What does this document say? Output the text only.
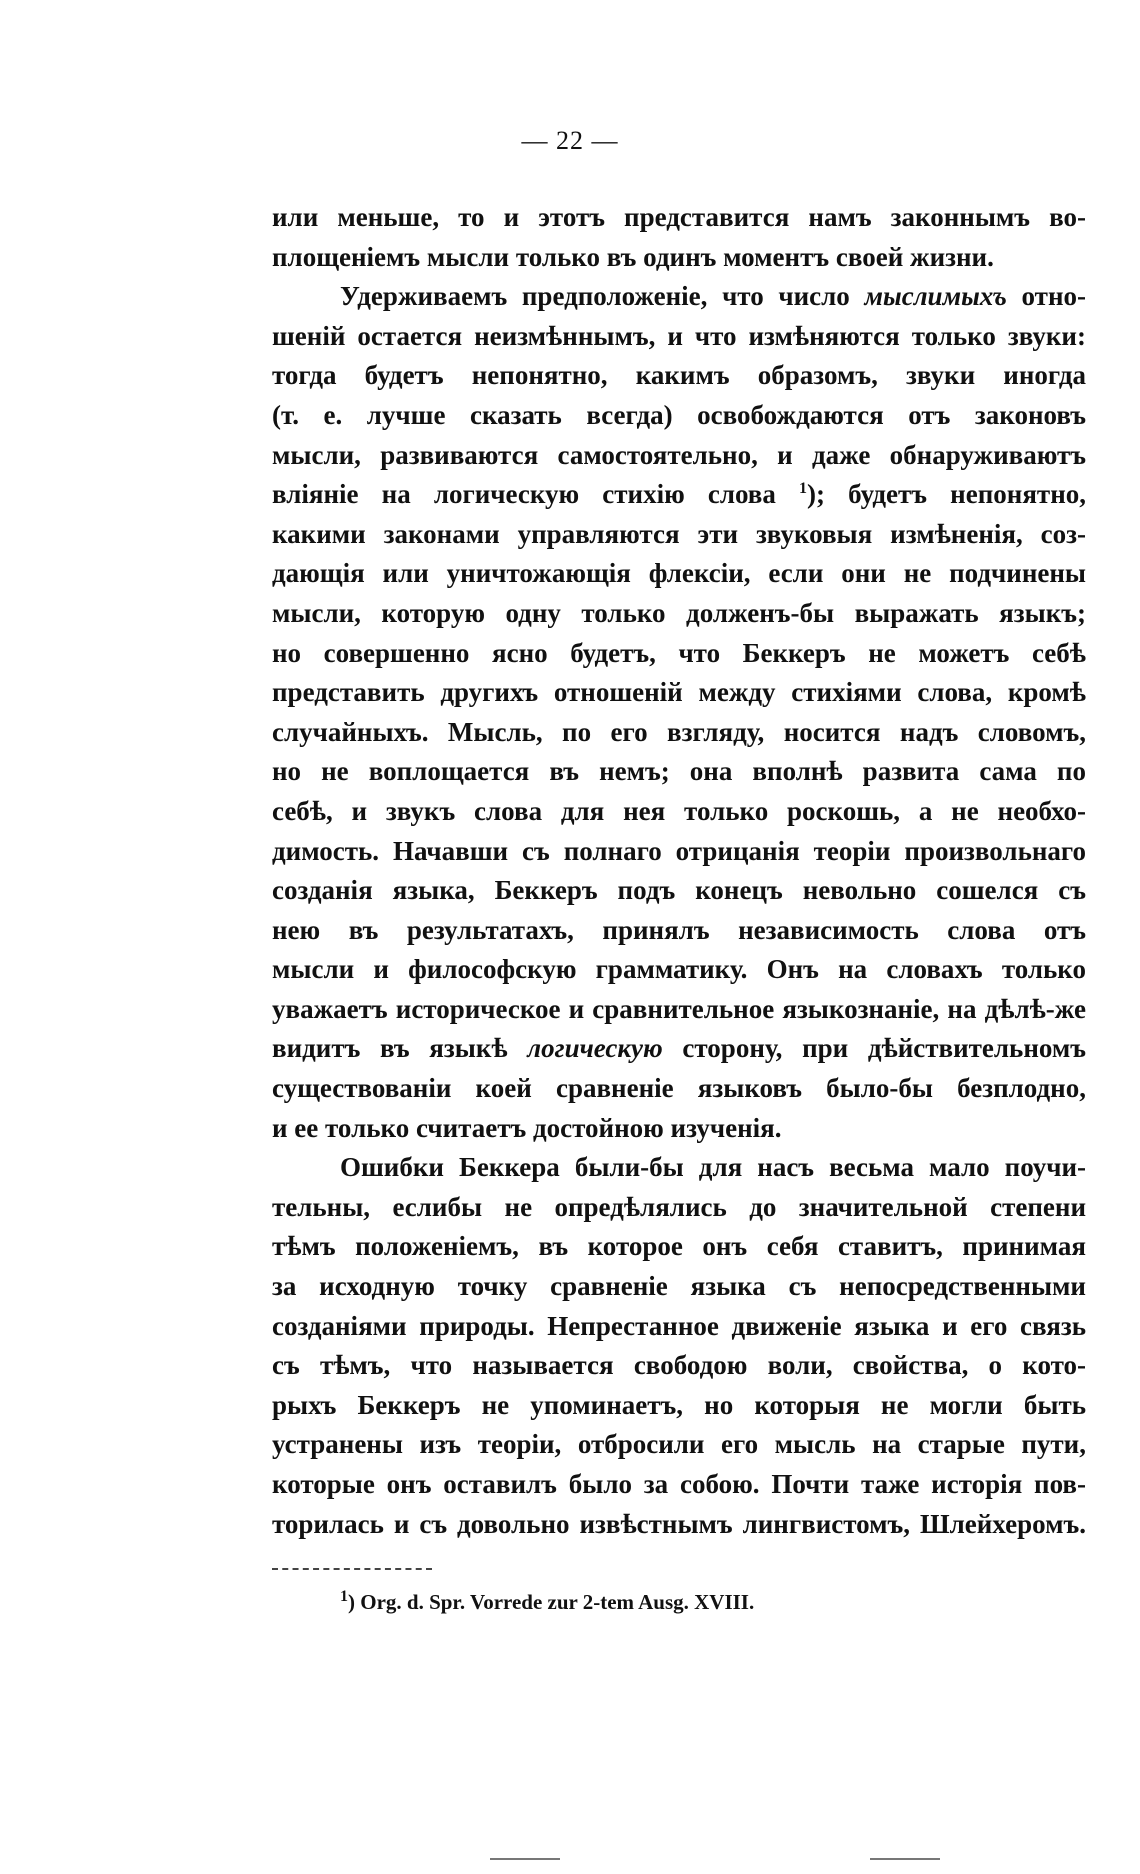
— 22 —
или меньше, то и этотъ представится намъ законнымъ во-
площеніемъ мысли только въ одинъ моментъ своей жизни.
Удерживаемъ предположеніе, что число мыслимыхъ отно-
шеній остается неизмѣннымъ, и что измѣняются только звуки:
тогда будетъ непонятно, какимъ образомъ, звуки иногда
(т. е. лучше сказать всегда) освобождаются отъ законовъ
мысли, развиваются самостоятельно, и даже обнаруживаютъ
вліяніе на логическую стихію слова $^1$); будетъ непонятно,
какими законами управляются эти звуковыя измѣненія, соз-
дающія или уничтожающія флексіи, если они не подчинены
мысли, которую одну только долженъ-бы выражать языкъ;
но совершенно ясно будетъ, что Беккеръ не можетъ себѣ
представить другихъ отношеній между стихіями слова, кромѣ
случайныхъ. Мысль, по его взгляду, носится надъ словомъ,
но не воплощается въ немъ; она вполнѣ развита сама по
себѣ, и звукъ слова для нея только роскошь, а не необхо-
димость. Начавши съ полнаго отрицанія теоріи произвольнаго
созданія языка, Беккеръ подъ конецъ невольно сошелся съ
нею въ результатахъ, принялъ независимость слова отъ
мысли и философскую грамматику. Онъ на словахъ только
уважаетъ историческое и сравнительное языкознаніе, на дѣлѣ-же
видитъ въ языкѣ логическую сторону, при дѣйствительномъ
существованіи коей сравненіе языковъ было-бы безплодно,
и ее только считаетъ достойною изученія.
Ошибки Беккера были-бы для насъ весьма мало поучи-
тельны, еслибы не опредѣлялись до значительной степени
тѣмъ положеніемъ, въ которое онъ себя ставитъ, принимая
за исходную точку сравненіе языка съ непосредственными
созданіями природы. Непрестанное движеніе языка и его связь
съ тѣмъ, что называется свободою воли, свойства, о кото-
рыхъ Беккеръ не упоминаетъ, но которыя не могли быть
устранены изъ теоріи, отбросили его мысль на старые пути,
которые онъ оставилъ было за собою. Почти таже исторія пов-
торилась и съ довольно извѣстнымъ лингвистомъ, Шлейхеромъ.
$^1$) Org. d. Spr. Vorrede zur 2-tem Ausg. XVIII.
